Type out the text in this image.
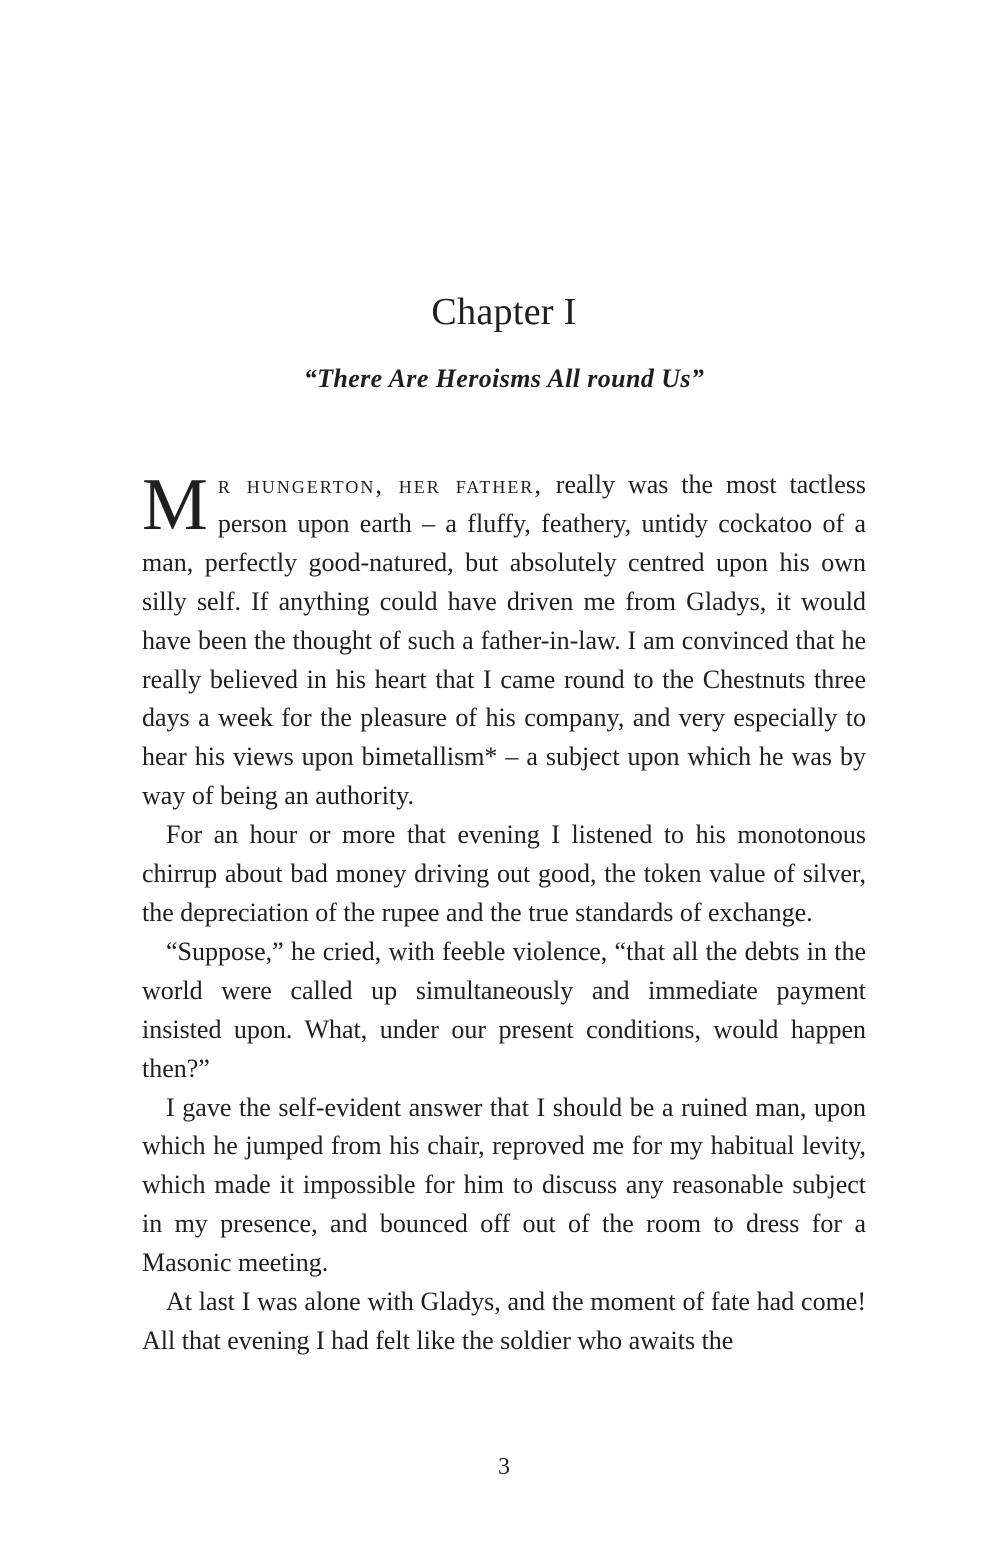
Chapter I
“There Are Heroisms All round Us”

Mr hungerton, her father, really was the most tactless person upon earth – a fluffy, feathery, untidy cockatoo of a man, perfectly good-natured, but absolutely centred upon his own silly self. If anything could have driven me from Gladys, it would have been the thought of such a father-in-law. I am convinced that he really believed in his heart that I came round to the Chestnuts three days a week for the pleasure of his company, and very especially to hear his views upon bimetallism* – a subject upon which he was by way of being an authority.

For an hour or more that evening I listened to his monotonous chirrup about bad money driving out good, the token value of silver, the depreciation of the rupee and the true standards of exchange.

“Suppose,” he cried, with feeble violence, “that all the debts in the world were called up simultaneously and immediate payment insisted upon. What, under our present conditions, would happen then?”

I gave the self-evident answer that I should be a ruined man, upon which he jumped from his chair, reproved me for my habitual levity, which made it impossible for him to discuss any reasonable subject in my presence, and bounced off out of the room to dress for a Masonic meeting.

At last I was alone with Gladys, and the moment of fate had come! All that evening I had felt like the soldier who awaits the

3
